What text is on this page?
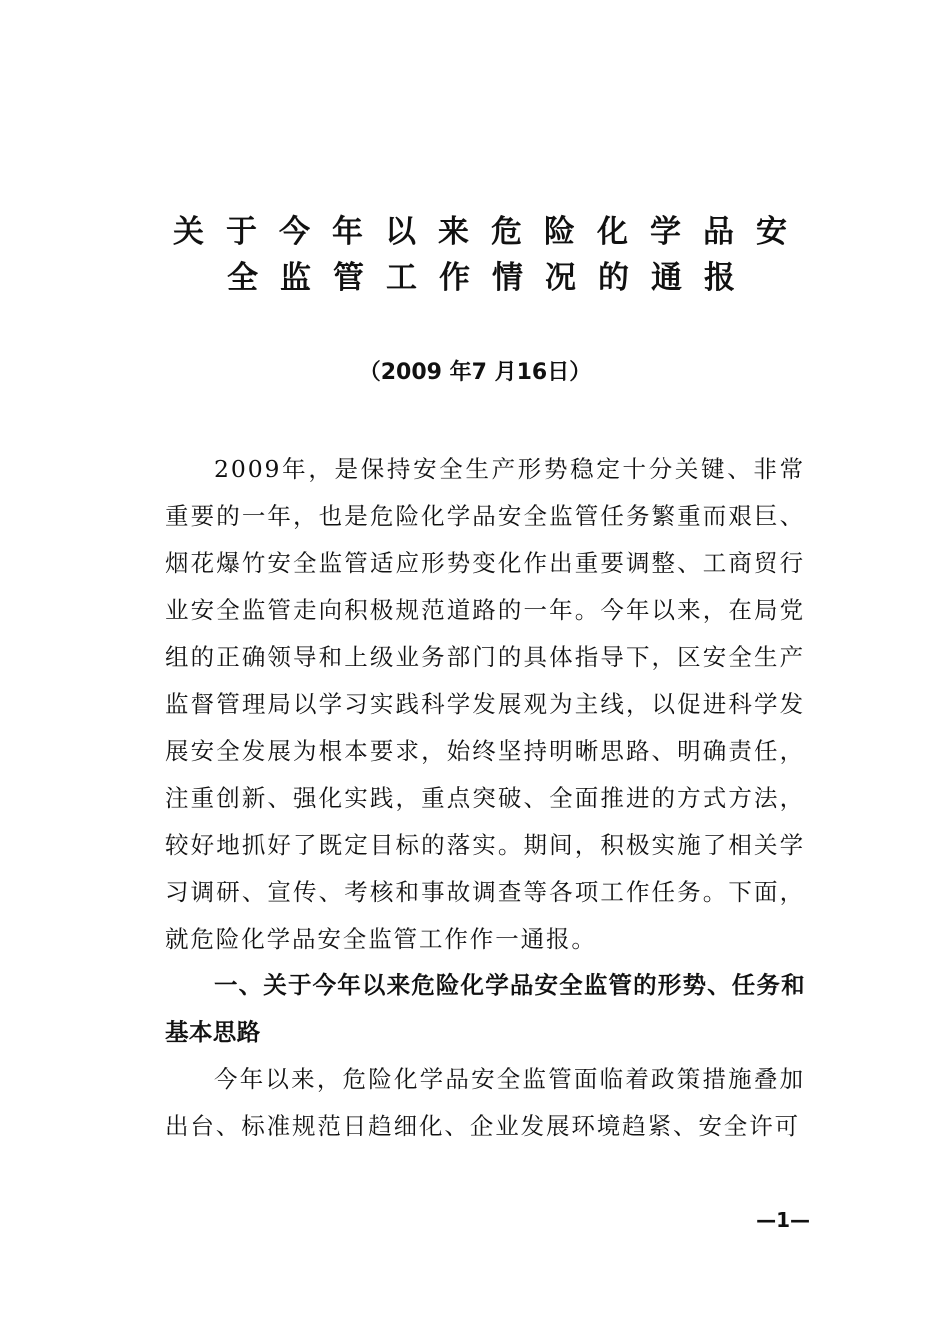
关于今年以来危险化学品安
全监管工作情况的通报
（2009 年7 月16日）
2009年，是保持安全生产形势稳定十分关键、非常重要的一年，也是危险化学品安全监管任务繁重而艰巨、烟花爆竹安全监管适应形势变化作出重要调整、工商贸行业安全监管走向积极规范道路的一年。今年以来，在局党组的正确领导和上级业务部门的具体指导下，区安全生产监督管理局以学习实践科学发展观为主线，以促进科学发展安全发展为根本要求，始终坚持明晰思路、明确责任，注重创新、强化实践，重点突破、全面推进的方式方法，较好地抓好了既定目标的落实。期间，积极实施了相关学习调研、宣传、考核和事故调查等各项工作任务。下面，就危险化学品安全监管工作作一通报。
一、关于今年以来危险化学品安全监管的形势、任务和基本思路
今年以来，危险化学品安全监管面临着政策措施叠加出台、标准规范日趋细化、企业发展环境趋紧、安全许可
—1—
